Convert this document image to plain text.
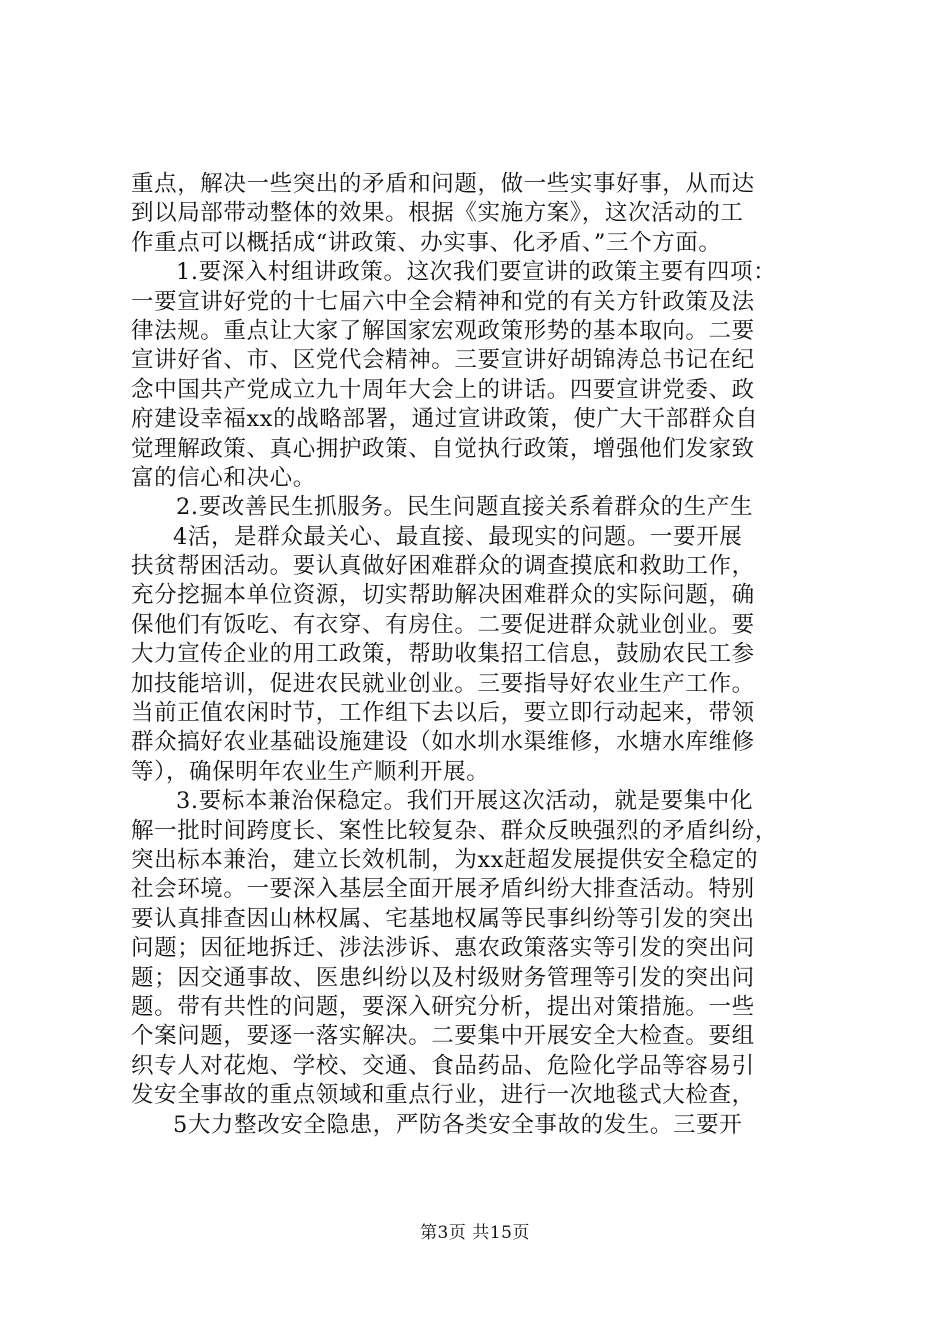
重点，解决一些突出的矛盾和问题，做一些实事好事，从而达
到以局部带动整体的效果。根据《实施方案》，这次活动的工
作重点可以概括成“讲政策、办实事、化矛盾、”三个方面。
1.要深入村组讲政策。这次我们要宣讲的政策主要有四项：
一要宣讲好党的十七届六中全会精神和党的有关方针政策及法
律法规。重点让大家了解国家宏观政策形势的基本取向。二要
宣讲好省、市、区党代会精神。三要宣讲好胡锦涛总书记在纪
念中国共产党成立九十周年大会上的讲话。四要宣讲党委、政
府建设幸福xx的战略部署，通过宣讲政策，使广大干部群众自
觉理解政策、真心拥护政策、自觉执行政策，增强他们发家致
富的信心和决心。
2.要改善民生抓服务。民生问题直接关系着群众的生产生
4活，是群众最关心、最直接、最现实的问题。一要开展
扶贫帮困活动。要认真做好困难群众的调查摸底和救助工作，
充分挖掘本单位资源，切实帮助解决困难群众的实际问题，确
保他们有饭吃、有衣穿、有房住。二要促进群众就业创业。要
大力宣传企业的用工政策，帮助收集招工信息，鼓励农民工参
加技能培训，促进农民就业创业。三要指导好农业生产工作。
当前正值农闲时节，工作组下去以后，要立即行动起来，带领
群众搞好农业基础设施建设（如水圳水渠维修，水塘水库维修
等），确保明年农业生产顺利开展。
3.要标本兼治保稳定。我们开展这次活动，就是要集中化
解一批时间跨度长、案性比较复杂、群众反映强烈的矛盾纠纷，
突出标本兼治，建立长效机制，为xx赶超发展提供安全稳定的
社会环境。一要深入基层全面开展矛盾纠纷大排查活动。特别
要认真排查因山林权属、宅基地权属等民事纠纷等引发的突出
问题；因征地拆迁、涉法涉诉、惠农政策落实等引发的突出问
题；因交通事故、医患纠纷以及村级财务管理等引发的突出问
题。带有共性的问题，要深入研究分析，提出对策措施。一些
个案问题，要逐一落实解决。二要集中开展安全大检查。要组
织专人对花炮、学校、交通、食品药品、危险化学品等容易引
发安全事故的重点领域和重点行业，进行一次地毯式大检查，
5大力整改安全隐患，严防各类安全事故的发生。三要开
第3页 共15页
